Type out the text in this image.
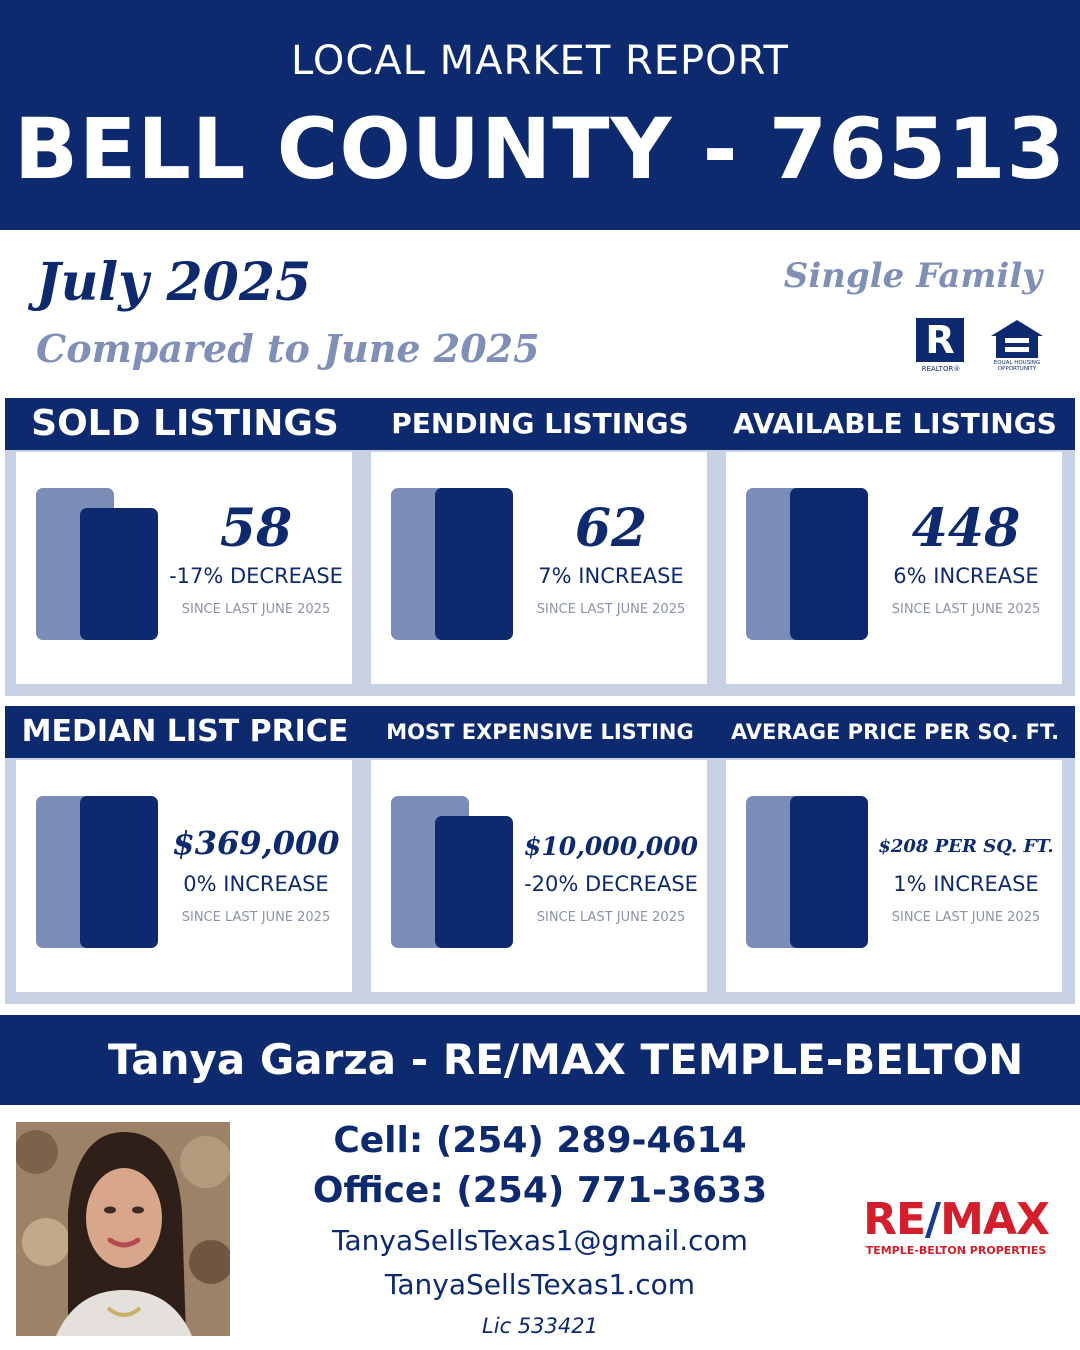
LOCAL MARKET REPORT
BELL COUNTY - 76513
July 2025
Compared to June 2025
Single Family
R
REALTOR®
EQUAL HOUSING
OPPORTUNITY
SOLD LISTINGS	PENDING LISTINGS	AVAILABLE LISTINGS
58
-17% DECREASE
SINCE LAST JUNE 2025
62
7% INCREASE
SINCE LAST JUNE 2025
448
6% INCREASE
SINCE LAST JUNE 2025
MEDIAN LIST PRICE	MOST EXPENSIVE LISTING	AVERAGE PRICE PER SQ. FT.
$369,000
0% INCREASE
SINCE LAST JUNE 2025
$10,000,000
-20% DECREASE
SINCE LAST JUNE 2025
$208 PER SQ. FT.
1% INCREASE
SINCE LAST JUNE 2025
Tanya Garza - RE/MAX TEMPLE-BELTON
Cell: (254) 289-4614
Office: (254) 771-3633
TanyaSellsTexas1@gmail.com
TanyaSellsTexas1.com
Lic 533421
RE/MAX
TEMPLE-BELTON PROPERTIES
